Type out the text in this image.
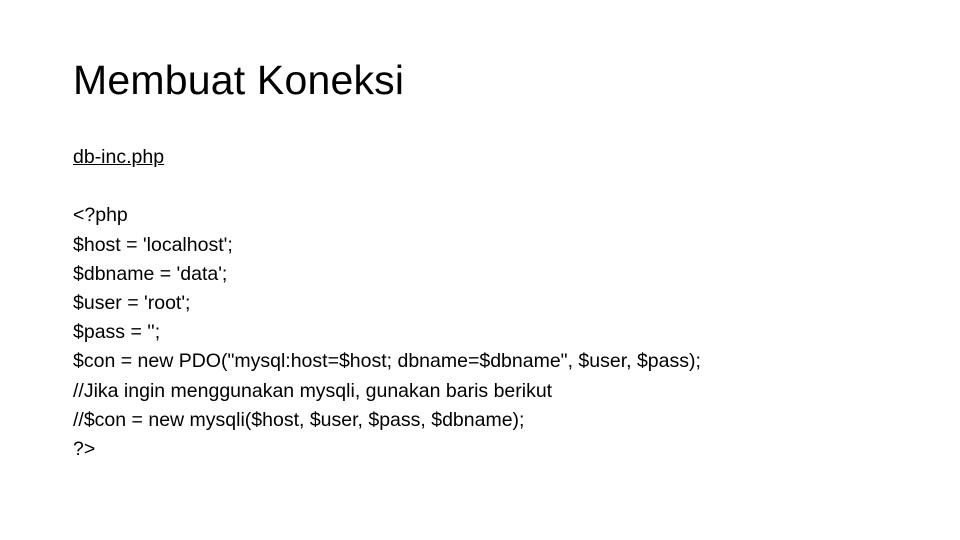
Membuat Koneksi

db-inc.php

<?php

$host = 'localhost';

$dbname = 'data';

$user = 'root';

$pass = '';

$con = new PDO("mysql:host=$host; dbname=$dbname", $user, $pass);

//Jika ingin menggunakan mysqli, gunakan baris berikut

//$con = new mysqli($host, $user, $pass, $dbname);

?>
